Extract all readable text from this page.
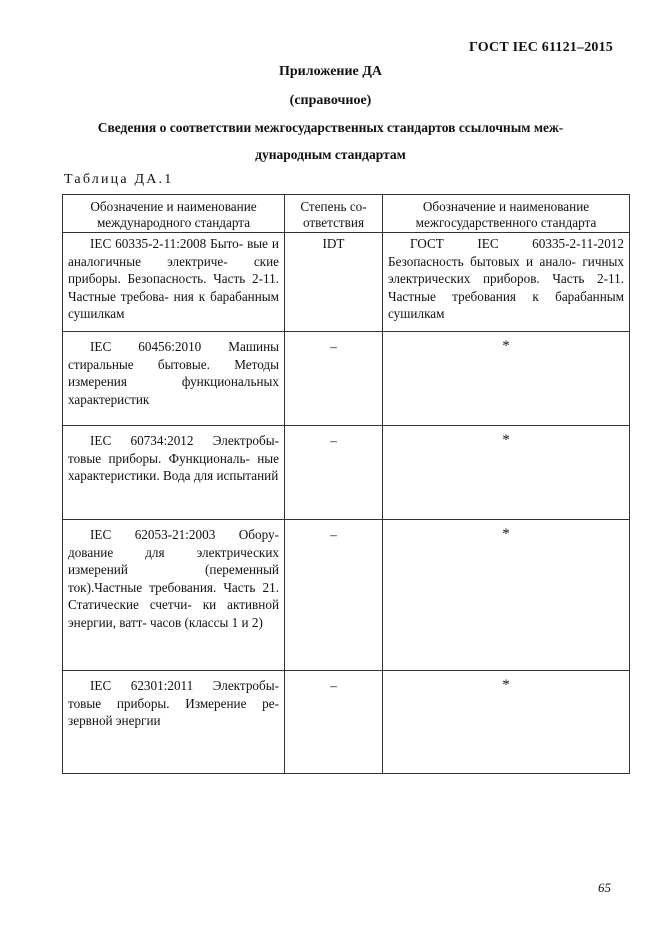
ГОСТ IEC 61121–2015
Приложение ДА
(справочное)
Сведения о соответствии межгосударственных стандартов ссылочным меж-
дународным стандартам
Таблица ДА.1
Обозначение и наименование международного стандарта	Степень со- ответствия	Обозначение и наименование межгосударственного стандарта
IEC 60335-2-11:2008 Быто- вые и аналогичные электриче- ские приборы. Безопасность. Часть 2-11. Частные требова- ния к барабанным сушилкам	IDT	ГОСТ IEC 60335-2-11-2012 Безопасность бытовых и анало- гичных электрических приборов. Часть 2-11. Частные требования к барабанным сушилкам
IEC 60456:2010 Машины стиральные бытовые. Методы измерения функциональных характеристик	–	*
IEC 60734:2012 Электробы- товые приборы. Функциональ- ные характеристики. Вода для испытаний	–	*
IEC 62053-21:2003 Обору- дование для электрических измерений (переменный ток).Частные требования. Часть 21. Статические счетчи- ки активной энергии, ватт- часов (классы 1 и 2)	–	*
IEC 62301:2011 Электробы- товые приборы. Измерение ре- зервной энергии	–	*
65
